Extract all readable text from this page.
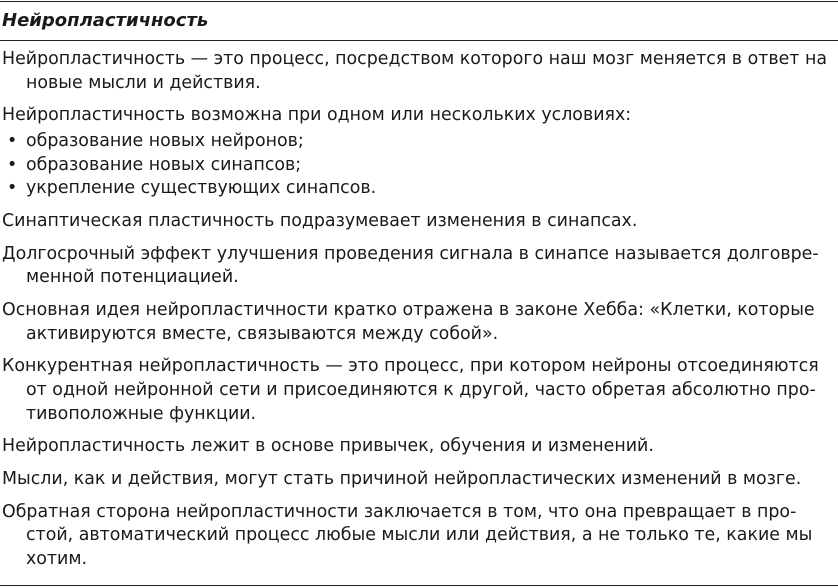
Нейропластичность

Нейропластичность — это процесс, посредством которого наш мозг меняется в ответ на новые мысли и действия.

Нейропластичность возможна при одном или нескольких условиях:

• образование новых нейронов;
• образование новых синапсов;
• укрепление существующих синапсов.

Синаптическая пластичность подразумевает изменения в синапсах.

Долгосрочный эффект улучшения проведения сигнала в синапсе называется долговременной потенциацией.

Основная идея нейропластичности кратко отражена в законе Хебба: «Клетки, которые активируются вместе, связываются между собой».

Конкурентная нейропластичность — это процесс, при котором нейроны отсоединяются от одной нейронной сети и присоединяются к другой, часто обретая абсолютно противоположные функции.

Нейропластичность лежит в основе привычек, обучения и изменений.

Мысли, как и действия, могут стать причиной нейропластических изменений в мозге.

Обратная сторона нейропластичности заключается в том, что она превращает в простой, автоматический процесс любые мысли или действия, а не только те, какие мы хотим.
